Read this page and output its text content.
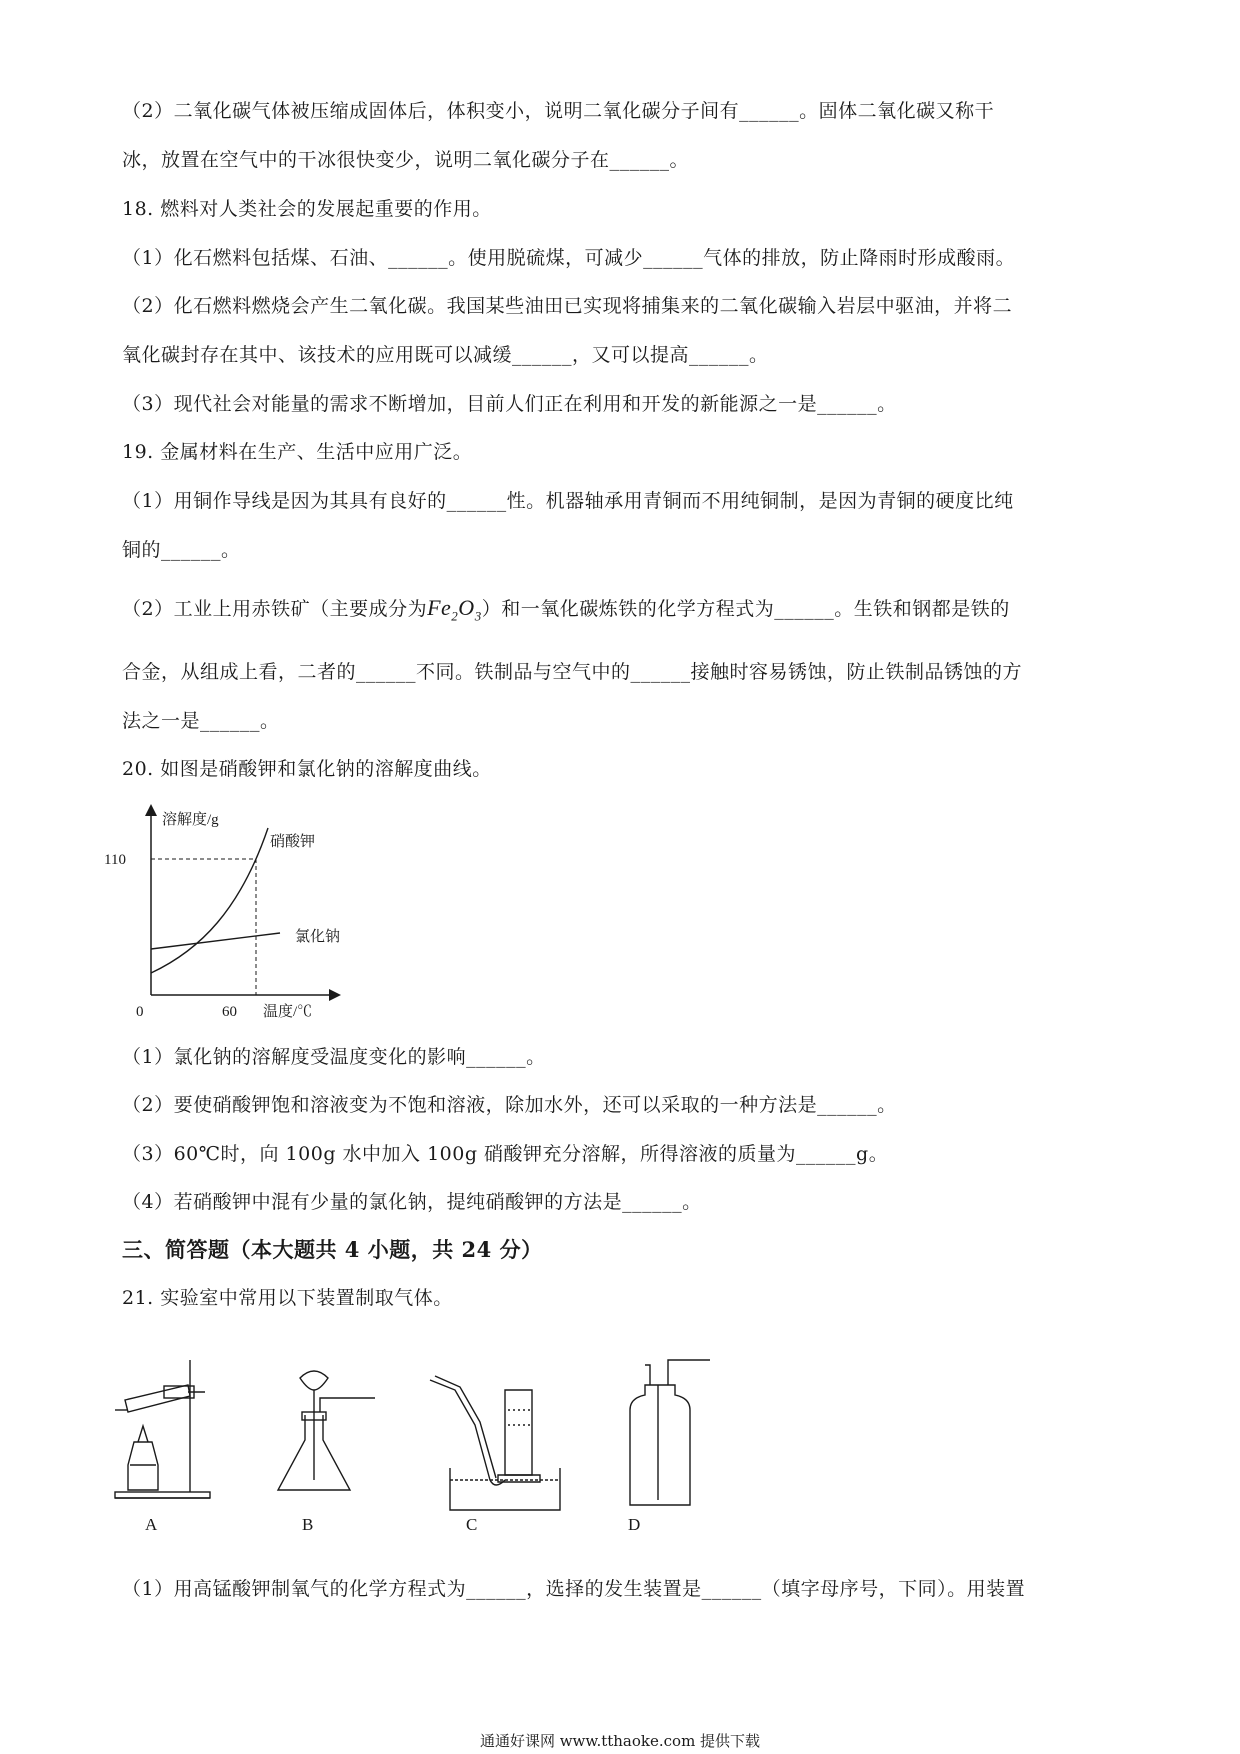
（2）二氧化碳气体被压缩成固体后，体积变小，说明二氧化碳分子间有______。固体二氧化碳又称干
冰，放置在空气中的干冰很快变少，说明二氧化碳分子在______。
18. 燃料对人类社会的发展起重要的作用。
（1）化石燃料包括煤、石油、______。使用脱硫煤，可减少______气体的排放，防止降雨时形成酸雨。
（2）化石燃料燃烧会产生二氧化碳。我国某些油田已实现将捕集来的二氧化碳输入岩层中驱油，并将二
氧化碳封存在其中、该技术的应用既可以减缓______，又可以提高______。
（3）现代社会对能量的需求不断增加，目前人们正在利用和开发的新能源之一是______。
19. 金属材料在生产、生活中应用广泛。
（1）用铜作导线是因为其具有良好的______性。机器轴承用青铜而不用纯铜制，是因为青铜的硬度比纯
铜的______。
（2）工业上用赤铁矿（主要成分为$Fe_2O_3$）和一氧化碳炼铁的化学方程式为______。生铁和钢都是铁的
合金，从组成上看，二者的______不同。铁制品与空气中的______接触时容易锈蚀，防止铁制品锈蚀的方
法之一是______。
20. 如图是硝酸钾和氯化钠的溶解度曲线。
溶解度/g
110
0	60 温度/℃
硝酸钾
氯化钠
（1）氯化钠的溶解度受温度变化的影响______。
（2）要使硝酸钾饱和溶液变为不饱和溶液，除加水外，还可以采取的一种方法是______。
（3）60℃时，向 100g 水中加入 100g 硝酸钾充分溶解，所得溶液的质量为______g。
（4）若硝酸钾中混有少量的氯化钠，提纯硝酸钾的方法是______。
三、简答题（本大题共 4 小题，共 24 分）
21. 实验室中常用以下装置制取气体。
A	B	C	D
（1）用高锰酸钾制氧气的化学方程式为______，选择的发生装置是______（填字母序号，下同）。用装置
通通好课网 www.tthaoke.com 提供下载
